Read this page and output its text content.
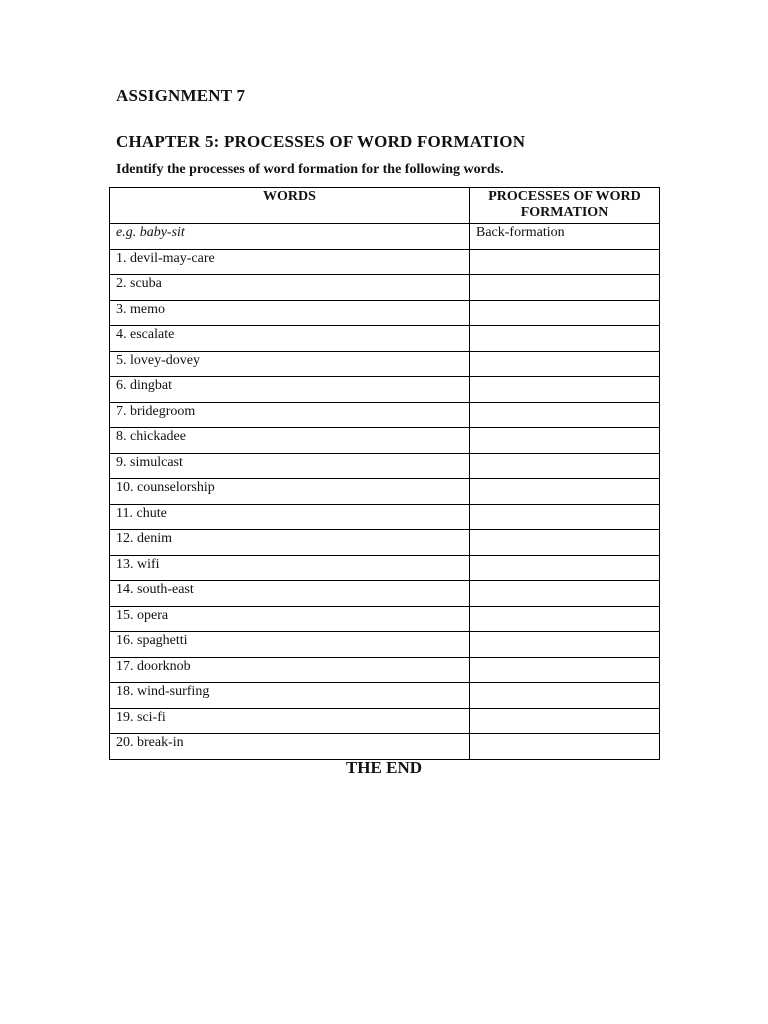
ASSIGNMENT 7
CHAPTER 5: PROCESSES OF WORD FORMATION
Identify the processes of word formation for the following words.
WORDS	PROCESSES OF WORD FORMATION
e.g. baby-sit	Back-formation
1. devil-may-care	
2. scuba	
3. memo	
4. escalate	
5. lovey-dovey	
6. dingbat	
7. bridegroom	
8. chickadee	
9. simulcast	
10. counselorship	
11. chute	
12. denim	
13. wifi	
14. south-east	
15. opera	
16. spaghetti	
17. doorknob	
18. wind-surfing	
19. sci-fi	
20. break-in	
THE END
